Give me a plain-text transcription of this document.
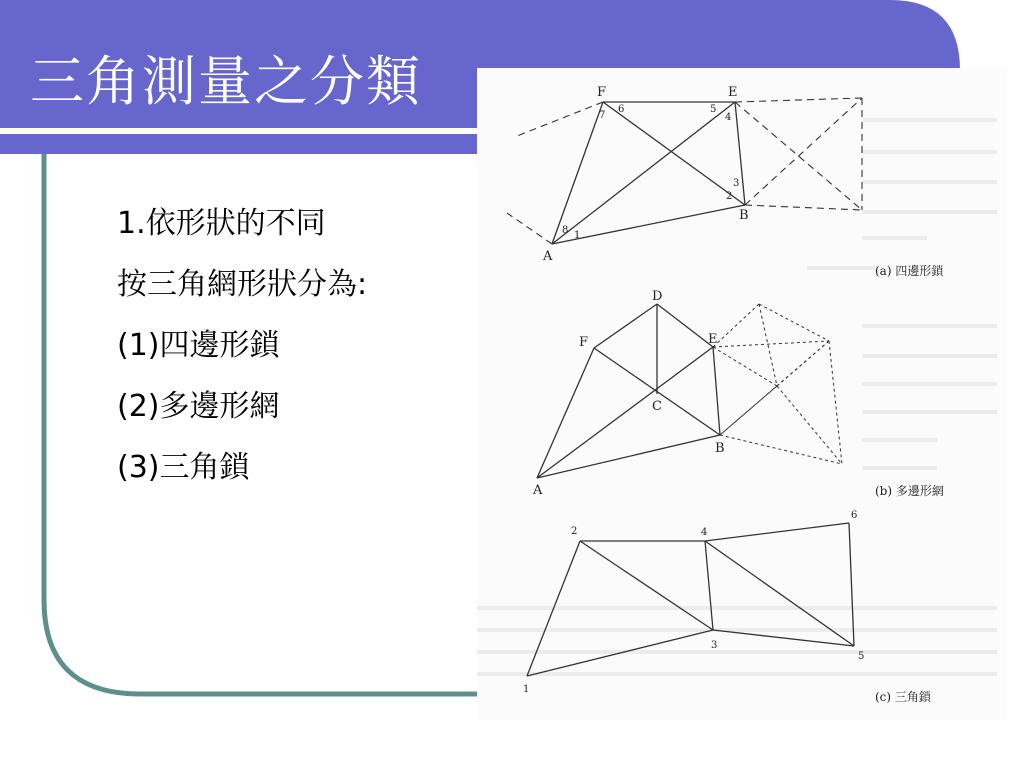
三角測量之分類
1.依形狀的不同
按三角網形狀分為:
(1)四邊形鎖
(2)多邊形網
(3)三角鎖
F	E
A
B
6
7
5
4
3
2
8 1
(a) 四邊形鎖
D
F	E
C
B
A	(b) 多邊形網
2	4
6
3
5
1
(c) 三角鎖
